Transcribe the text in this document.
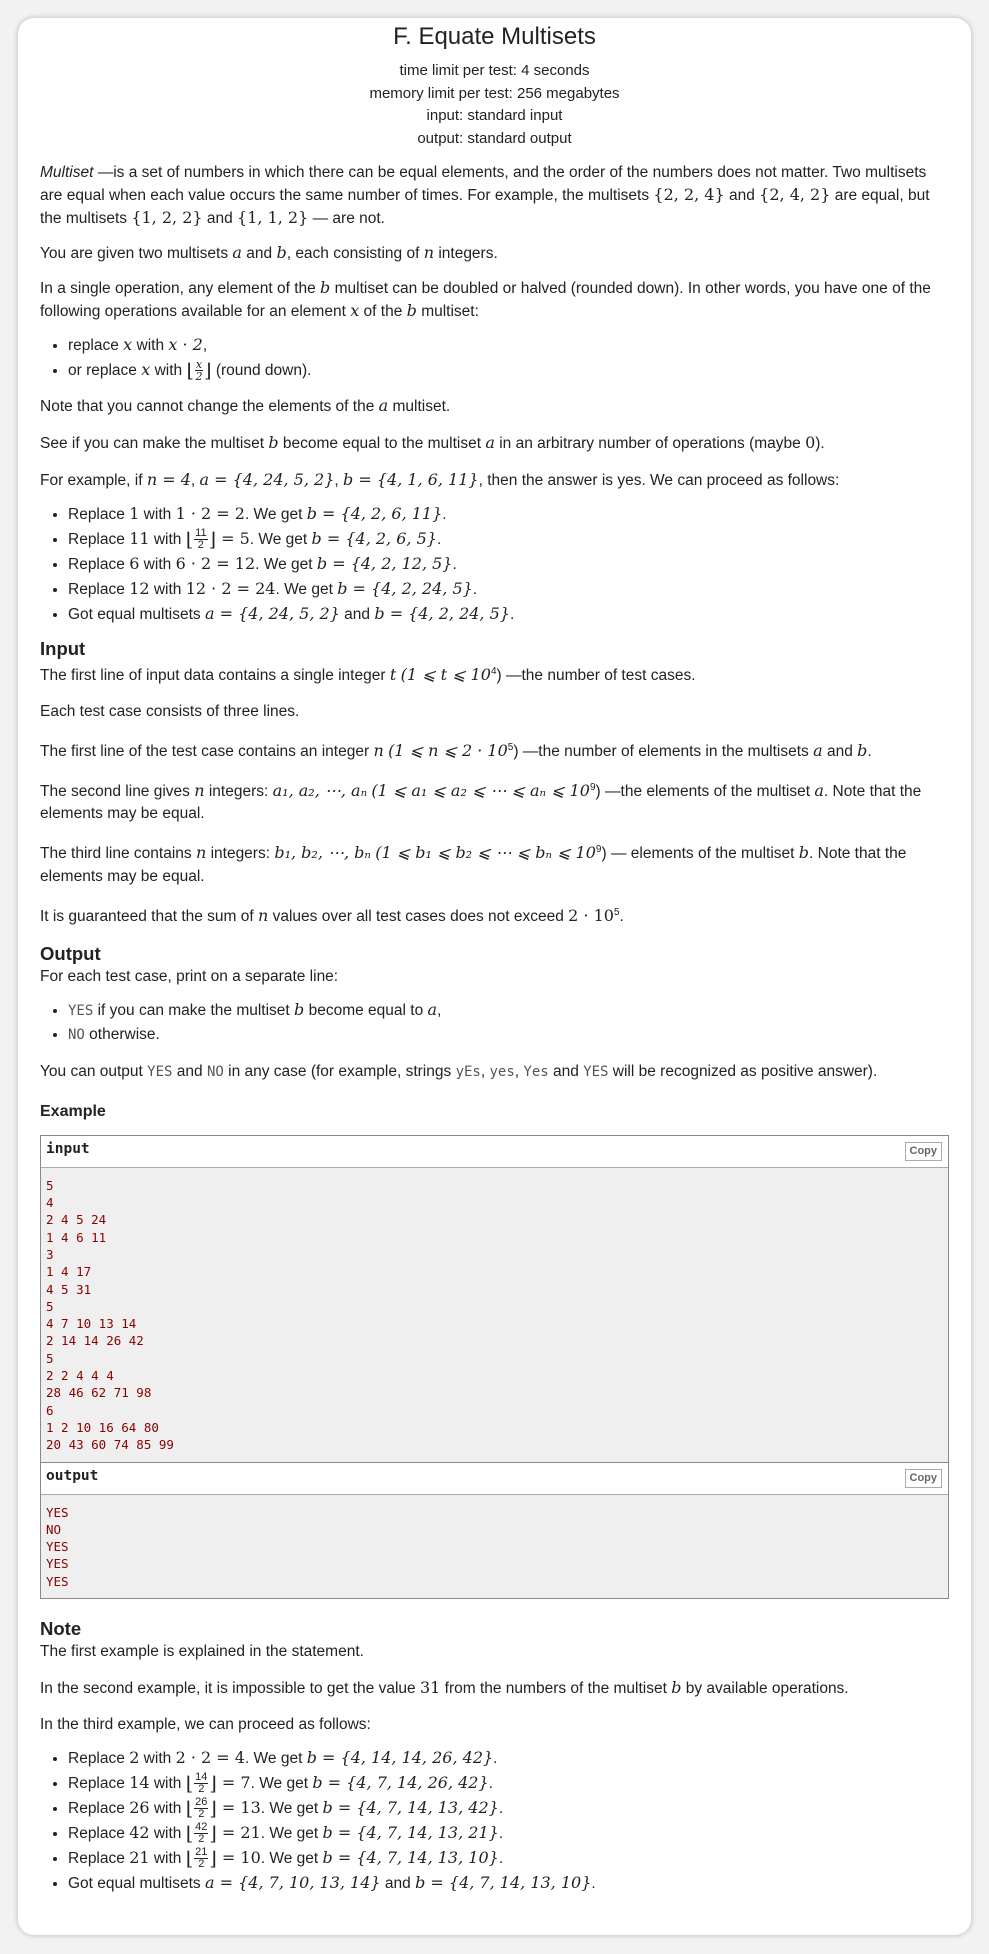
F. Equate Multisets
time limit per test: 4 seconds
memory limit per test: 256 megabytes
input: standard input
output: standard output

Multiset —is a set of numbers in which there can be equal elements, and the order of the numbers does not matter. Two multisets are equal when each value occurs the same number of times. For example, the multisets {2, 2, 4} and {2, 4, 2} are equal, but the multisets {1, 2, 2} and {1, 1, 2} — are not.

You are given two multisets a and b, each consisting of n integers.

In a single operation, any element of the b multiset can be doubled or halved (rounded down). In other words, you have one of the following operations available for an element x of the b multiset:

• replace x with x · 2,
• or replace x with ⌊ $\frac{x}{2}$ ⌋ (round down).

Note that you cannot change the elements of the a multiset.

See if you can make the multiset b become equal to the multiset a in an arbitrary number of operations (maybe 0).

For example, if n = 4, a = {4, 24, 5, 2}, b = {4, 1, 6, 11}, then the answer is yes. We can proceed as follows:

• Replace 1 with 1 · 2 = 2. We get b = {4, 2, 6, 11}.
• Replace 11 with ⌊ $\frac{11}{2}$ ⌋ = 5. We get b = {4, 2, 6, 5}.
• Replace 6 with 6 · 2 = 12. We get b = {4, 2, 12, 5}.
• Replace 12 with 12 · 2 = 24. We get b = {4, 2, 24, 5}.
• Got equal multisets a = {4, 24, 5, 2} and b = {4, 2, 24, 5}.
Input

The first line of input data contains a single integer t (1 ⩽ t ⩽ $10^4$) —the number of test cases.

Each test case consists of three lines.

The first line of the test case contains an integer n (1 ⩽ n ⩽ $2 \cdot 10^5$) —the number of elements in the multisets a and b.

The second line gives n integers: a₁, a₂, ⋯, aₙ (1 ⩽ a₁ ⩽ a₂ ⩽ ⋯ ⩽ aₙ ⩽ $10^9$) —the elements of the multiset a. Note that the elements may be equal.

The third line contains n integers: b₁, b₂, ⋯, bₙ (1 ⩽ b₁ ⩽ b₂ ⩽ ⋯ ⩽ bₙ ⩽ $10^9$) — elements of the multiset b. Note that the elements may be equal.

It is guaranteed that the sum of n values over all test cases does not exceed $2 \cdot 10^5$.

Output

For each test case, print on a separate line:

• YES if you can make the multiset b become equal to a,
• NO otherwise.

You can output YES and NO in any case (for example, strings yEs, yes, Yes and YES will be recognized as positive answer).

Example
input	Copy
5
4
2 4 5 24
1 4 6 11
3
1 4 17
4 5 31
5
4 7 10 13 14
2 14 14 26 42
5
2 2 4 4 4
28 46 62 71 98
6
1 2 10 16 64 80
20 43 60 74 85 99
output	Copy
YES
NO
YES
YES
YES
Note

The first example is explained in the statement.

In the second example, it is impossible to get the value 31 from the numbers of the multiset b by available operations.

In the third example, we can proceed as follows:

• Replace 2 with 2 · 2 = 4. We get b = {4, 14, 14, 26, 42}.
• Replace 14 with ⌊ $\frac{14}{2}$ ⌋ = 7. We get b = {4, 7, 14, 26, 42}.
• Replace 26 with ⌊ $\frac{26}{2}$ ⌋ = 13. We get b = {4, 7, 14, 13, 42}.
• Replace 42 with ⌊ $\frac{42}{2}$ ⌋ = 21. We get b = {4, 7, 14, 13, 21}.
• Replace 21 with ⌊ $\frac{21}{2}$ ⌋ = 10. We get b = {4, 7, 14, 13, 10}.
• Got equal multisets a = {4, 7, 10, 13, 14} and b = {4, 7, 14, 13, 10}.
